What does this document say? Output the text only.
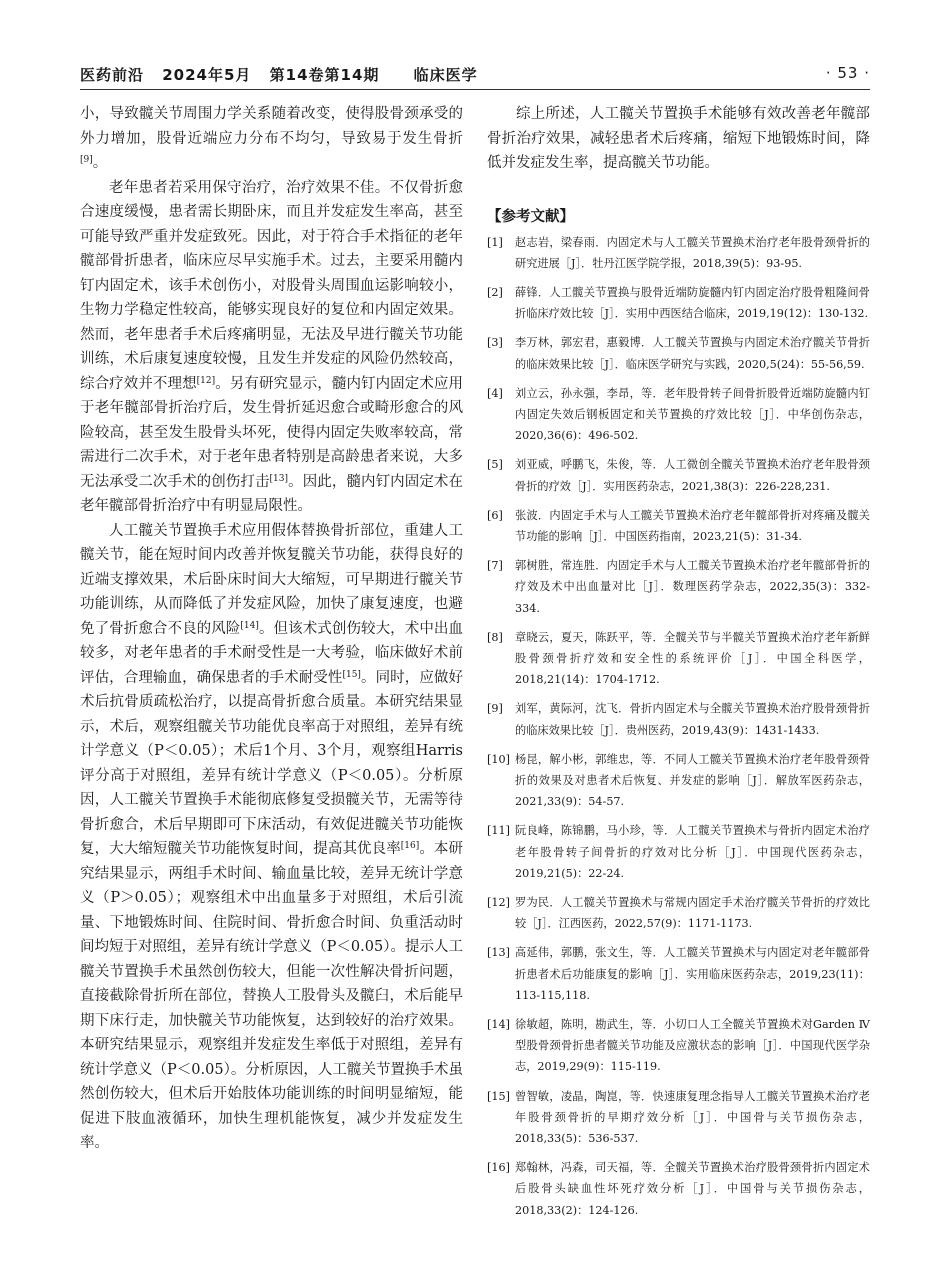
医药前沿 2024年5月 第14卷第14期 临床医学	· 53 ·

小，导致髋关节周围力学关系随着改变，使得股骨颈承受的外力增加，股骨近端应力分布不均匀，导致易于发生骨折[9]。

老年患者若采用保守治疗，治疗效果不佳。不仅骨折愈合速度缓慢，患者需长期卧床，而且并发症发生率高，甚至可能导致严重并发症致死。因此，对于符合手术指征的老年髋部骨折患者，临床应尽早实施手术。过去，主要采用髓内钉内固定术，该手术创伤小，对股骨头周围血运影响较小，生物力学稳定性较高，能够实现良好的复位和内固定效果。然而，老年患者手术后疼痛明显，无法及早进行髋关节功能训练，术后康复速度较慢，且发生并发症的风险仍然较高，综合疗效并不理想[12]。另有研究显示，髓内钉内固定术应用于老年髋部骨折治疗后，发生骨折延迟愈合或畸形愈合的风险较高，甚至发生股骨头坏死，使得内固定失败率较高，常需进行二次手术，对于老年患者特别是高龄患者来说，大多无法承受二次手术的创伤打击[13]。因此，髓内钉内固定术在老年髋部骨折治疗中有明显局限性。

人工髋关节置换手术应用假体替换骨折部位，重建人工髋关节，能在短时间内改善并恢复髋关节功能，获得良好的近端支撑效果，术后卧床时间大大缩短，可早期进行髋关节功能训练，从而降低了并发症风险，加快了康复速度，也避免了骨折愈合不良的风险[14]。但该术式创伤较大，术中出血较多，对老年患者的手术耐受性是一大考验，临床做好术前评估，合理输血，确保患者的手术耐受性[15]。同时，应做好术后抗骨质疏松治疗，以提高骨折愈合质量。本研究结果显示，术后，观察组髋关节功能优良率高于对照组，差异有统计学意义（P＜0.05）；术后1个月、3个月，观察组Harris评分高于对照组，差异有统计学意义（P＜0.05）。分析原因，人工髋关节置换手术能彻底修复受损髋关节，无需等待骨折愈合，术后早期即可下床活动，有效促进髋关节功能恢复，大大缩短髋关节功能恢复时间，提高其优良率[16]。本研究结果显示，两组手术时间、输血量比较，差异无统计学意义（P＞0.05）；观察组术中出血量多于对照组，术后引流量、下地锻炼时间、住院时间、骨折愈合时间、负重活动时间均短于对照组，差异有统计学意义（P＜0.05）。提示人工髋关节置换手术虽然创伤较大，但能一次性解决骨折问题，直接截除骨折所在部位，替换人工股骨头及髋臼，术后能早期下床行走，加快髋关节功能恢复，达到较好的治疗效果。本研究结果显示，观察组并发症发生率低于对照组，差异有统计学意义（P＜0.05）。分析原因，人工髋关节置换手术虽然创伤较大，但术后开始肢体功能训练的时间明显缩短，能促进下肢血液循环，加快生理机能恢复，减少并发症发生率。

综上所述，人工髋关节置换手术能够有效改善老年髋部骨折治疗效果，减轻患者术后疼痛，缩短下地锻炼时间，降低并发症发生率，提高髋关节功能。

【参考文献】
[1] 赵志岩，梁春雨．内固定术与人工髋关节置换术治疗老年股骨颈骨折的研究进展［J］．牡丹江医学院学报，2018,39(5)：93-95.
[2] 薛锋．人工髋关节置换与股骨近端防旋髓内钉内固定治疗股骨粗隆间骨折临床疗效比较［J］．实用中西医结合临床，2019,19(12)：130-132.
[3] 李万林，郭宏君，惠毅博．人工髋关节置换与内固定术治疗髋关节骨折的临床效果比较［J］．临床医学研究与实践，2020,5(24)：55-56,59.
[4] 刘立云，孙永强，李昂，等．老年股骨转子间骨折股骨近端防旋髓内钉内固定失效后钢板固定和关节置换的疗效比较［J］．中华创伤杂志，2020,36(6)：496-502.
[5] 刘亚威，呼鹏飞，朱俊，等．人工微创全髋关节置换术治疗老年股骨颈骨折的疗效［J］．实用医药杂志，2021,38(3)：226-228,231.
[6] 张波．内固定手术与人工髋关节置换术治疗老年髋部骨折对疼痛及髋关节功能的影响［J］．中国医药指南，2023,21(5)：31-34.
[7] 郭树胜，常连胜．内固定手术与人工髋关节置换术治疗老年髋部骨折的疗效及术中出血量对比［J］．数理医药学杂志，2022,35(3)：332-334.
[8] 章晓云，夏天，陈跃平，等．全髋关节与半髋关节置换术治疗老年新鲜股骨颈骨折疗效和安全性的系统评价［J］．中国全科医学，2018,21(14)：1704-1712.
[9] 刘军，黄际河，沈飞．骨折内固定术与全髋关节置换术治疗股骨颈骨折的临床效果比较［J］．贵州医药，2019,43(9)：1431-1433.
[10] 杨昆，解小彬，郭维忠，等．不同人工髋关节置换术治疗老年股骨颈骨折的效果及对患者术后恢复、并发症的影响［J］．解放军医药杂志，2021,33(9)：54-57.
[11] 阮良峰，陈锦鹏，马小珍，等．人工髋关节置换术与骨折内固定术治疗老年股骨转子间骨折的疗效对比分析［J］．中国现代医药杂志，2019,21(5)：22-24.
[12] 罗为民．人工髋关节置换术与常规内固定手术治疗髋关节骨折的疗效比较［J］．江西医药，2022,57(9)：1171-1173.
[13] 高延伟，郭鹏，张文生，等．人工髋关节置换术与内固定对老年髋部骨折患者术后功能康复的影响［J］．实用临床医药杂志，2019,23(11)：113-115,118.
[14] 徐敏超，陈明，勘武生，等．小切口人工全髋关节置换术对Garden Ⅳ型股骨颈骨折患者髋关节功能及应激状态的影响［J］．中国现代医学杂志，2019,29(9)：115-119.
[15] 曾智敏，凌晶，陶崑，等．快速康复理念指导人工髋关节置换术治疗老年股骨颈骨折的早期疗效分析［J］．中国骨与关节损伤杂志，2018,33(5)：536-537.
[16] 郑翰林，冯森，司天福，等．全髋关节置换术治疗股骨颈骨折内固定术后股骨头缺血性坏死疗效分析［J］．中国骨与关节损伤杂志，2018,33(2)：124-126.
